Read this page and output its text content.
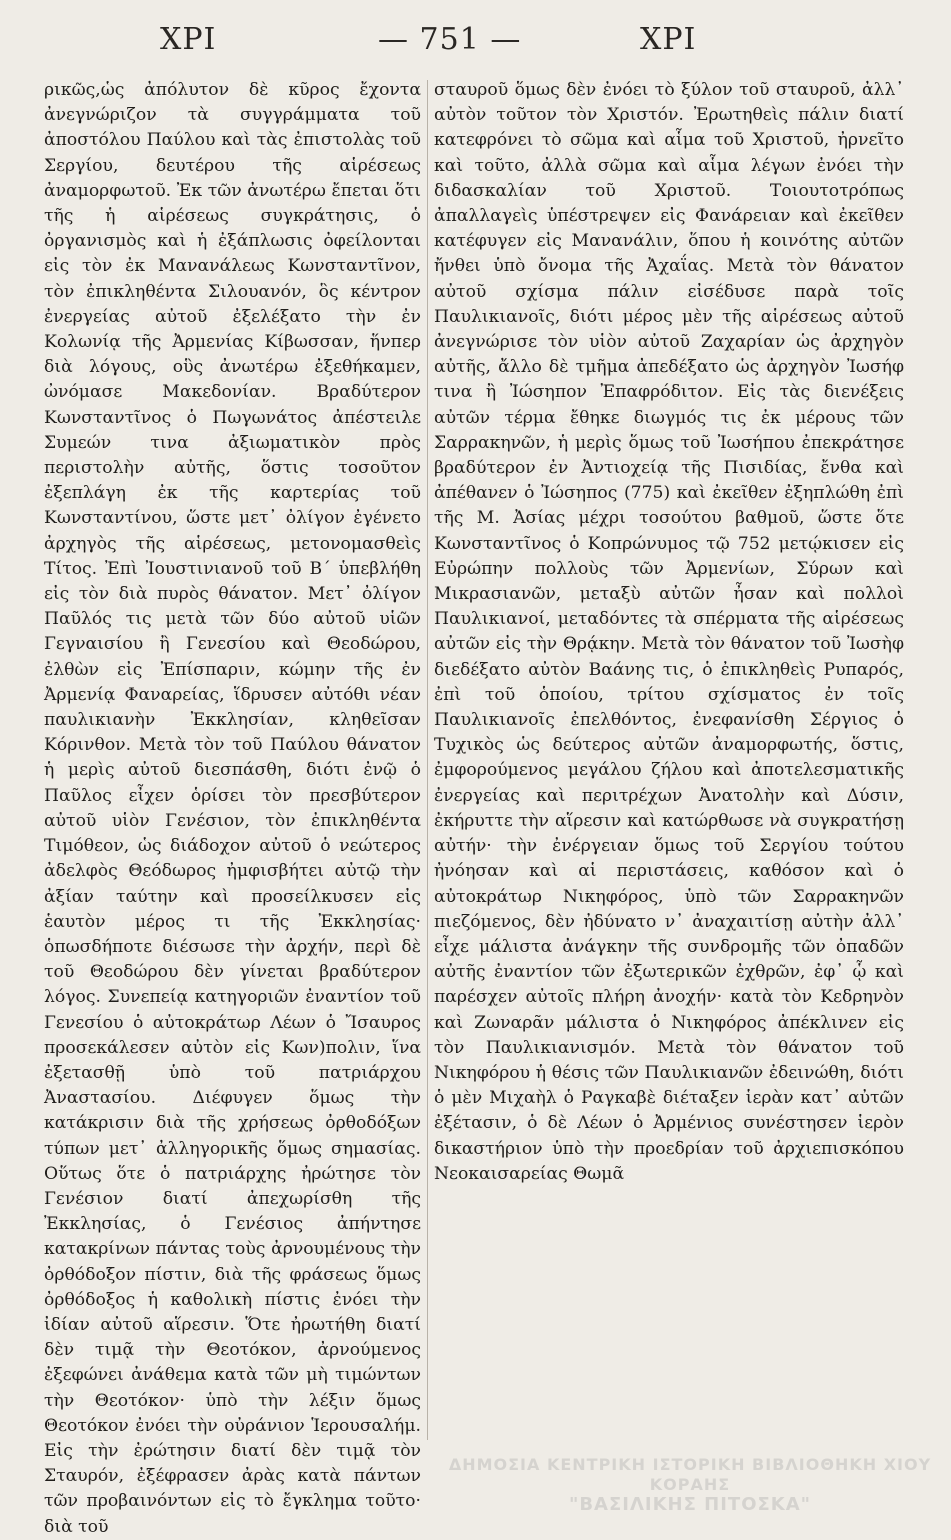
ΧΡΙ	— 751 —	ΧΡΙ

ρικῶς,ὡς ἀπόλυτον δὲ κῦρος ἔχοντα ἀνεγνώριζον τὰ συγγράμματα τοῦ ἀποστόλου Παύλου καὶ τὰς ἐπιστολὰς τοῦ Σεργίου, δευτέρου τῆς αἱρέσεως ἀναμορφωτοῦ. Ἐκ τῶν ἀνωτέρω ἔπεται ὅτι τῆς ἡ αἱρέσεως συγκράτησις, ὁ ὀργανισμὸς καὶ ἡ ἐξάπλωσις ὀφείλονται εἰς τὸν ἐκ Μανανάλεως Κωνσταντῖνον, τὸν ἐπικληθέντα Σιλουανόν, ὃς κέντρον ἐνεργείας αὐτοῦ ἐξελέξατο τὴν ἐν Κολωνίᾳ τῆς Ἀρμενίας Κίβωσσαν, ἥνπερ διὰ λόγους, οὓς ἀνωτέρω ἐξεθήκαμεν, ὠνόμασε Μακεδονίαν. Βραδύτερον Κωνσταντῖνος ὁ Πωγωνάτος ἀπέστειλε Συμεών τινα ἀξιωματικὸν πρὸς περιστολὴν αὐτῆς, ὅστις τοσοῦτον ἐξεπλάγη ἐκ τῆς καρτερίας τοῦ Κωνσταντίνου, ὥστε μετ᾽ ὀλίγον ἐγένετο ἀρχηγὸς τῆς αἱρέσεως, μετονομασθεὶς Τίτος. Ἐπὶ Ἰουστινιανοῦ τοῦ Β´ ὑπεβλήθη εἰς τὸν διὰ πυρὸς θάνατον. Μετ᾽ ὀλίγον Παῦλός τις μετὰ τῶν δύο αὐτοῦ υἱῶν Γεγναισίου ἢ Γενεσίου καὶ Θεοδώρου, ἐλθὼν εἰς Ἐπίσπαριν, κώμην τῆς ἐν Ἀρμενίᾳ Φαναρείας, ἵδρυσεν αὐτόθι νέαν παυλικιανὴν Ἐκκλησίαν, κληθεῖσαν Κόρινθον. Μετὰ τὸν τοῦ Παύλου θάνατον ἡ μερὶς αὐτοῦ διεσπάσθη, διότι ἐνῷ ὁ Παῦλος εἶχεν ὁρίσει τὸν πρεσβύτερον αὐτοῦ υἱὸν Γενέσιον, τὸν ἐπικληθέντα Τιμόθεον, ὡς διάδοχον αὐτοῦ ὁ νεώτερος ἀδελφὸς Θεόδωρος ἠμφισβήτει αὐτῷ τὴν ἀξίαν ταύτην καὶ προσείλκυσεν εἰς ἑαυτὸν μέρος τι τῆς Ἐκκλησίας· ὁπωσδήποτε διέσωσε τὴν ἀρχήν, περὶ δὲ τοῦ Θεοδώρου δὲν γίνεται βραδύτερον λόγος. Συνεπείᾳ κατηγοριῶν ἐναντίον τοῦ Γενεσίου ὁ αὐτοκράτωρ Λέων ὁ Ἴσαυρος προσεκάλεσεν αὐτὸν εἰς Κων)πολιν, ἵνα ἐξετασθῇ ὑπὸ τοῦ πατριάρχου Ἀναστασίου. Διέφυγεν ὅμως τὴν κατάκρισιν διὰ τῆς χρήσεως ὀρθοδόξων τύπων μετ᾽ ἀλληγορικῆς ὅμως σημασίας. Οὕτως ὅτε ὁ πατριάρχης ἠρώτησε τὸν Γενέσιον διατί ἀπεχωρίσθη τῆς Ἐκκλησίας, ὁ Γενέσιος ἀπήντησε κατακρίνων πάντας τοὺς ἀρνουμένους τὴν ὀρθόδοξον πίστιν, διὰ τῆς φράσεως ὅμως ὀρθόδοξος ἡ καθολικὴ πίστις ἐνόει τὴν ἰδίαν αὐτοῦ αἵρεσιν. Ὅτε ἠρωτήθη διατί δὲν τιμᾷ τὴν Θεοτόκον, ἀρνούμενος ἐξεφώνει ἀνάθεμα κατὰ τῶν μὴ τιμώντων τὴν Θεοτόκον· ὑπὸ τὴν λέξιν ὅμως Θεοτόκον ἐνόει τὴν οὐράνιον Ἱερουσαλήμ. Εἰς τὴν ἐρώτησιν διατί δὲν τιμᾷ τὸν Σταυρόν, ἐξέφρασεν ἀρὰς κατὰ πάντων τῶν προβαινόντων εἰς τὸ ἔγκλημα τοῦτο· διὰ τοῦ

σταυροῦ ὅμως δὲν ἐνόει τὸ ξύλον τοῦ σταυροῦ, ἀλλ᾽ αὐτὸν τοῦτον τὸν Χριστόν. Ἐρωτηθεὶς πάλιν διατί κατεφρόνει τὸ σῶμα καὶ αἷμα τοῦ Χριστοῦ, ἠρνεῖτο καὶ τοῦτο, ἀλλὰ σῶμα καὶ αἷμα λέγων ἐνόει τὴν διδασκαλίαν τοῦ Χριστοῦ. Τοιουτοτρόπως ἀπαλλαγεὶς ὑπέστρεψεν εἰς Φανάρειαν καὶ ἐκεῖθεν κατέφυγεν εἰς Μανανάλιν, ὅπου ἡ κοινότης αὐτῶν ἤνθει ὑπὸ ὄνομα τῆς Ἀχαΐας. Μετὰ τὸν θάνατον αὐτοῦ σχίσμα πάλιν εἰσέδυσε παρὰ τοῖς Παυλικιανοῖς, διότι μέρος μὲν τῆς αἱρέσεως αὐτοῦ ἀνεγνώρισε τὸν υἱὸν αὐτοῦ Ζαχαρίαν ὡς ἀρχηγὸν αὐτῆς, ἄλλο δὲ τμῆμα ἀπεδέξατο ὡς ἀρχηγὸν Ἰωσήφ τινα ἢ Ἰώσηπον Ἐπαφρόδιτον. Εἰς τὰς διενέξεις αὐτῶν τέρμα ἔθηκε διωγμός τις ἐκ μέρους τῶν Σαρρακηνῶν, ἡ μερὶς ὅμως τοῦ Ἰωσήπου ἐπεκράτησε βραδύτερον ἐν Ἀντιοχείᾳ τῆς Πισιδίας, ἔνθα καὶ ἀπέθανεν ὁ Ἰώσηπος (775) καὶ ἐκεῖθεν ἐξηπλώθη ἐπὶ τῆς Μ. Ἀσίας μέχρι τοσούτου βαθμοῦ, ὥστε ὅτε Κωνσταντῖνος ὁ Κοπρώνυμος τῷ 752 μετῴκισεν εἰς Εὐρώπην πολλοὺς τῶν Ἀρμενίων, Σύρων καὶ Μικρασιανῶν, μεταξὺ αὐτῶν ἦσαν καὶ πολλοὶ Παυλικιανοί, μεταδόντες τὰ σπέρματα τῆς αἱρέσεως αὐτῶν εἰς τὴν Θρᾴκην. Μετὰ τὸν θάνατον τοῦ Ἰωσὴφ διεδέξατο αὐτὸν Βαάνης τις, ὁ ἐπικληθεὶς Ρυπαρός, ἐπὶ τοῦ ὁποίου, τρίτου σχίσματος ἐν τοῖς Παυλικιανοῖς ἐπελθόντος, ἐνεφανίσθη Σέργιος ὁ Τυχικὸς ὡς δεύτερος αὐτῶν ἀναμορφωτής, ὅστις, ἐμφορούμενος μεγάλου ζήλου καὶ ἀποτελεσματικῆς ἐνεργείας καὶ περιτρέχων Ἀνατολὴν καὶ Δύσιν, ἐκήρυττε τὴν αἵρεσιν καὶ κατώρθωσε νὰ συγκρατήσῃ αὐτήν· τὴν ἐνέργειαν ὅμως τοῦ Σεργίου τούτου ἠνόησαν καὶ αἱ περιστάσεις, καθόσον καὶ ὁ αὐτοκράτωρ Νικηφόρος, ὑπὸ τῶν Σαρρακηνῶν πιεζόμενος, δὲν ἠδύνατο ν᾽ ἀναχαιτίσῃ αὐτὴν ἀλλ᾽ εἶχε μάλιστα ἀνάγκην τῆς συνδρομῆς τῶν ὀπαδῶν αὐτῆς ἐναντίον τῶν ἐξωτερικῶν ἐχθρῶν, ἐφ᾽ ᾧ καὶ παρέσχεν αὐτοῖς πλήρη ἀνοχήν· κατὰ τὸν Κεδρηνὸν καὶ Ζωναρᾶν μάλιστα ὁ Νικηφόρος ἀπέκλινεν εἰς τὸν Παυλικιανισμόν. Μετὰ τὸν θάνατον τοῦ Νικηφόρου ἡ θέσις τῶν Παυλικιανῶν ἐδεινώθη, διότι ὁ μὲν Μιχαὴλ ὁ Ραγκαβὲ διέταξεν ἱερὰν κατ᾽ αὐτῶν ἐξέτασιν, ὁ δὲ Λέων ὁ Ἀρμένιος συνέστησεν ἱερὸν δικαστήριον ὑπὸ τὴν προεδρίαν τοῦ ἀρχιεπισκόπου Νεοκαισαρείας Θωμᾶ

ΔΗΜΟΣΙΑ ΚΕΝΤΡΙΚΗ ΙΣΤΟΡΙΚΗ ΒΙΒΛΙΟΘΗΚΗ ΧΙΟΥ ΚΟΡΑΗΣ
"ΒΑΣΙΛΙΚΗΣ ΠΙΤΟΣΚΑ"
